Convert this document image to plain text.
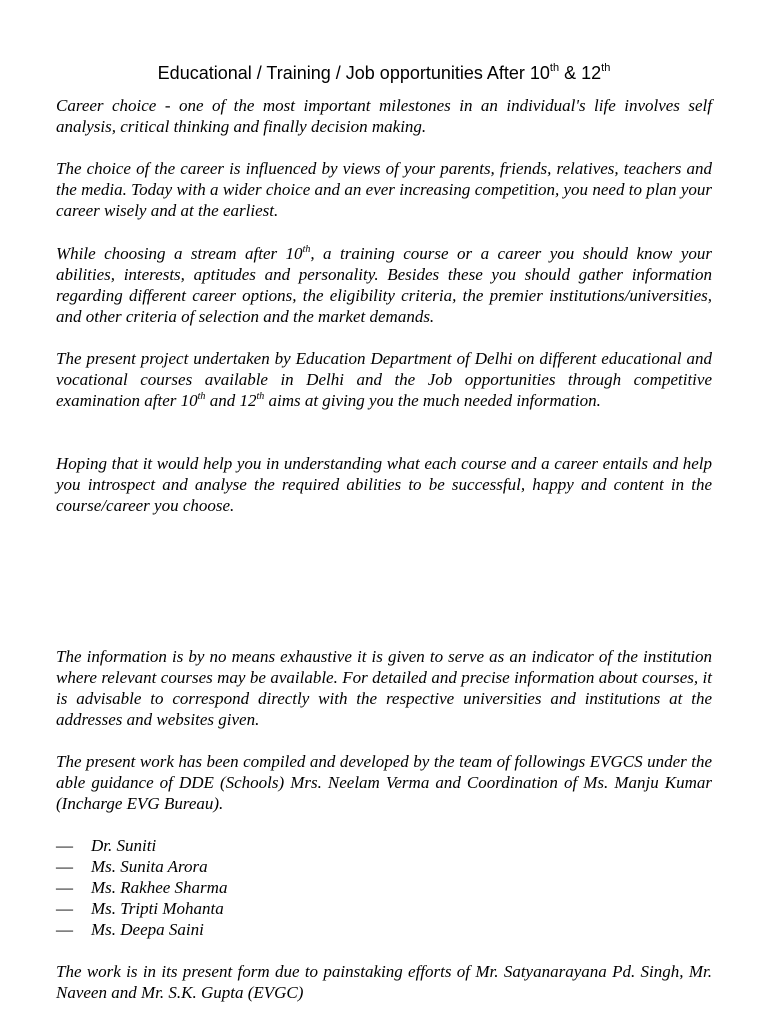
Educational / Training / Job opportunities After 10th & 12th

Career choice - one of the most important milestones in an individual's life involves self analysis, critical thinking and finally decision making.

The choice of the career is influenced by views of your parents, friends, relatives, teachers and the media. Today with a wider choice and an ever increasing competition, you need to plan your career wisely and at the earliest.

While choosing a stream after 10th, a training course or a career you should know your abilities, interests, aptitudes and personality. Besides these you should gather information regarding different career options, the eligibility criteria, the premier institutions/universities, and other criteria of selection and the market demands.

The present project undertaken by Education Department of Delhi on different educational and vocational courses available in Delhi and the Job opportunities through competitive examination after 10th and 12th aims at giving you the much needed information.

Hoping that it would help you in understanding what each course and a career entails and help you introspect and analyse the required abilities to be successful, happy and content in the course/career you choose.

The information is by no means exhaustive it is given to serve as an indicator of the institution where relevant courses may be available. For detailed and precise information about courses, it is advisable to correspond directly with the respective universities and institutions at the addresses and websites given.

The present work has been compiled and developed by the team of followings EVGCS under the able guidance of DDE (Schools) Mrs. Neelam Verma and Coordination of Ms. Manju Kumar (Incharge EVG Bureau).

—	Dr. Suniti
—	Ms. Sunita Arora
—	Ms. Rakhee Sharma
—	Ms. Tripti Mohanta
—	Ms. Deepa Saini

The work is in its present form due to painstaking efforts of Mr. Satyanarayana Pd. Singh, Mr. Naveen and Mr. S.K. Gupta (EVGC)
